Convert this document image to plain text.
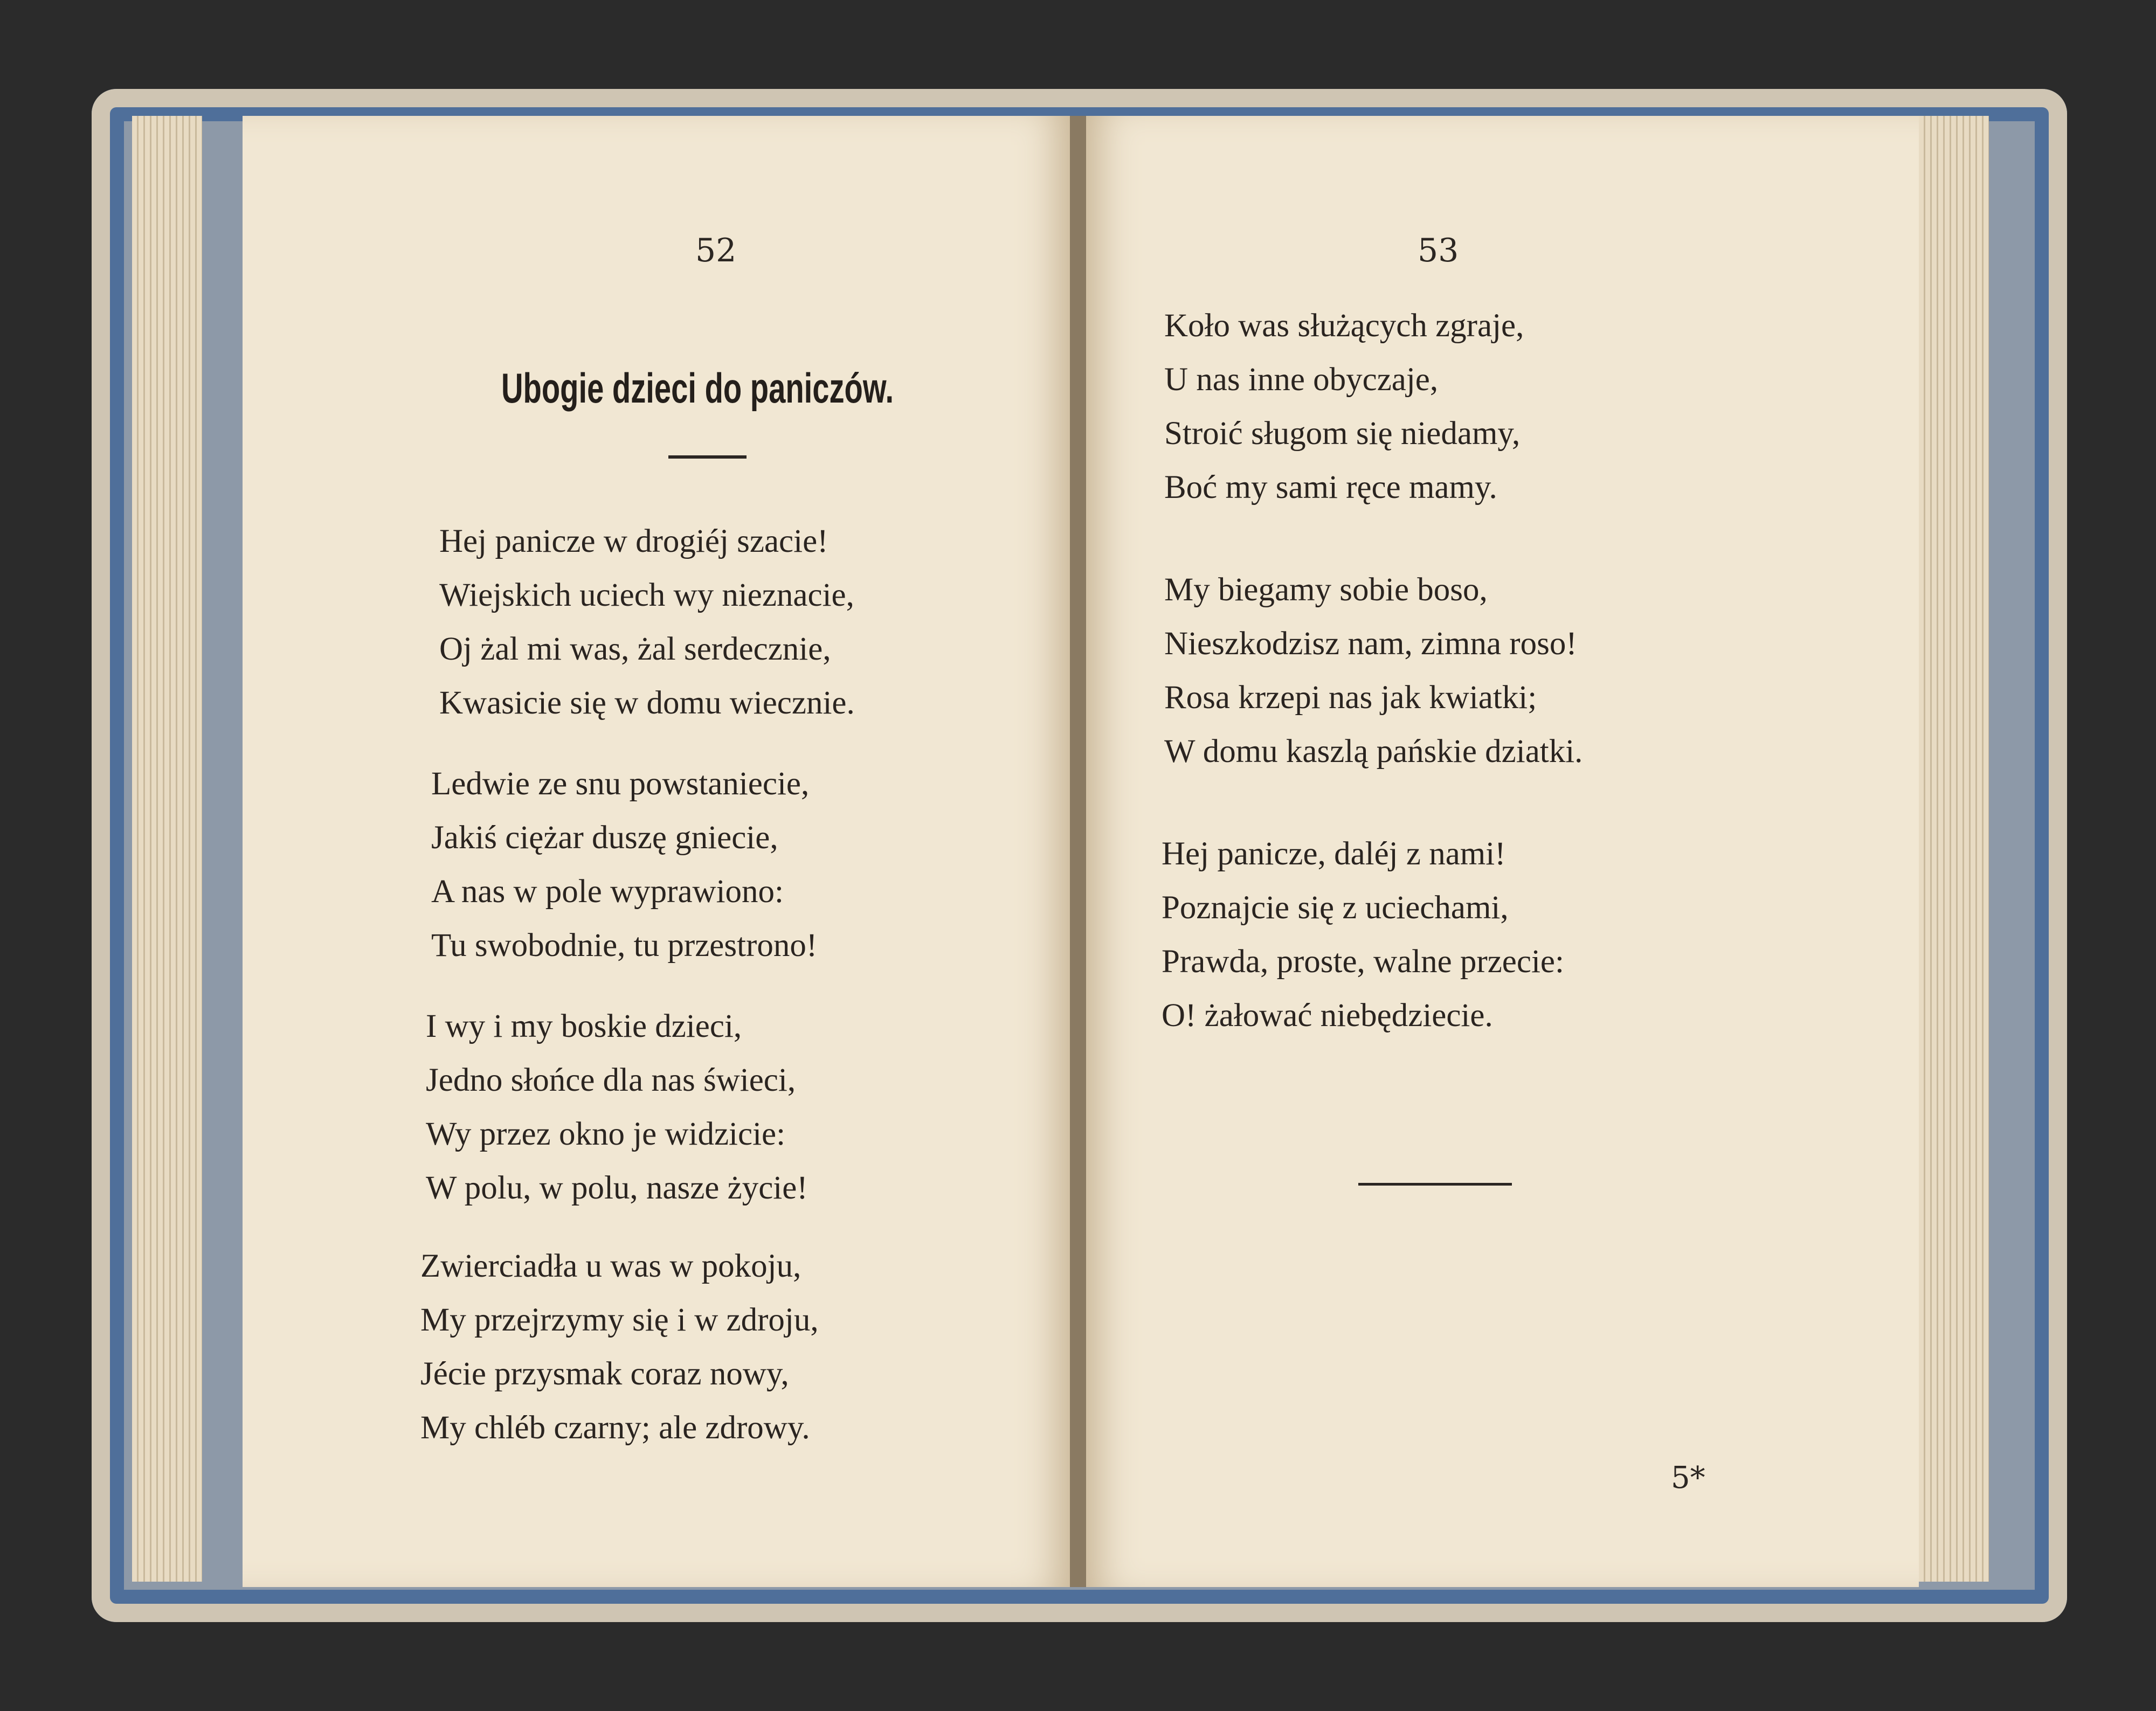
52
Ubogie dzieci do paniczów.
Hej panicze w drogiéj szacie!
Wiejskich uciech wy nieznacie,
Oj żal mi was, żal serdecznie,
Kwasicie się w domu wiecznie.
Ledwie ze snu powstaniecie,
Jakiś ciężar duszę gniecie,
A nas w pole wyprawiono:
Tu swobodnie, tu przestrono!
I wy i my boskie dzieci,
Jedno słońce dla nas świeci,
Wy przez okno je widzicie:
W polu, w polu, nasze życie!
Zwierciadła u was w pokoju,
My przejrzymy się i w zdroju,
Jécie przysmak coraz nowy,
My chléb czarny; ale zdrowy.
53
Koło was służących zgraje,
U nas inne obyczaje,
Stroić sługom się niedamy,
Boć my sami ręce mamy.
My biegamy sobie boso,
Nieszkodzisz nam, zimna roso!
Rosa krzepi nas jak kwiatki;
W domu kaszlą pańskie dziatki.
Hej panicze, daléj z nami!
Poznajcie się z uciechami,
Prawda, proste, walne przecie:
O! żałować niebędziecie.
5*
